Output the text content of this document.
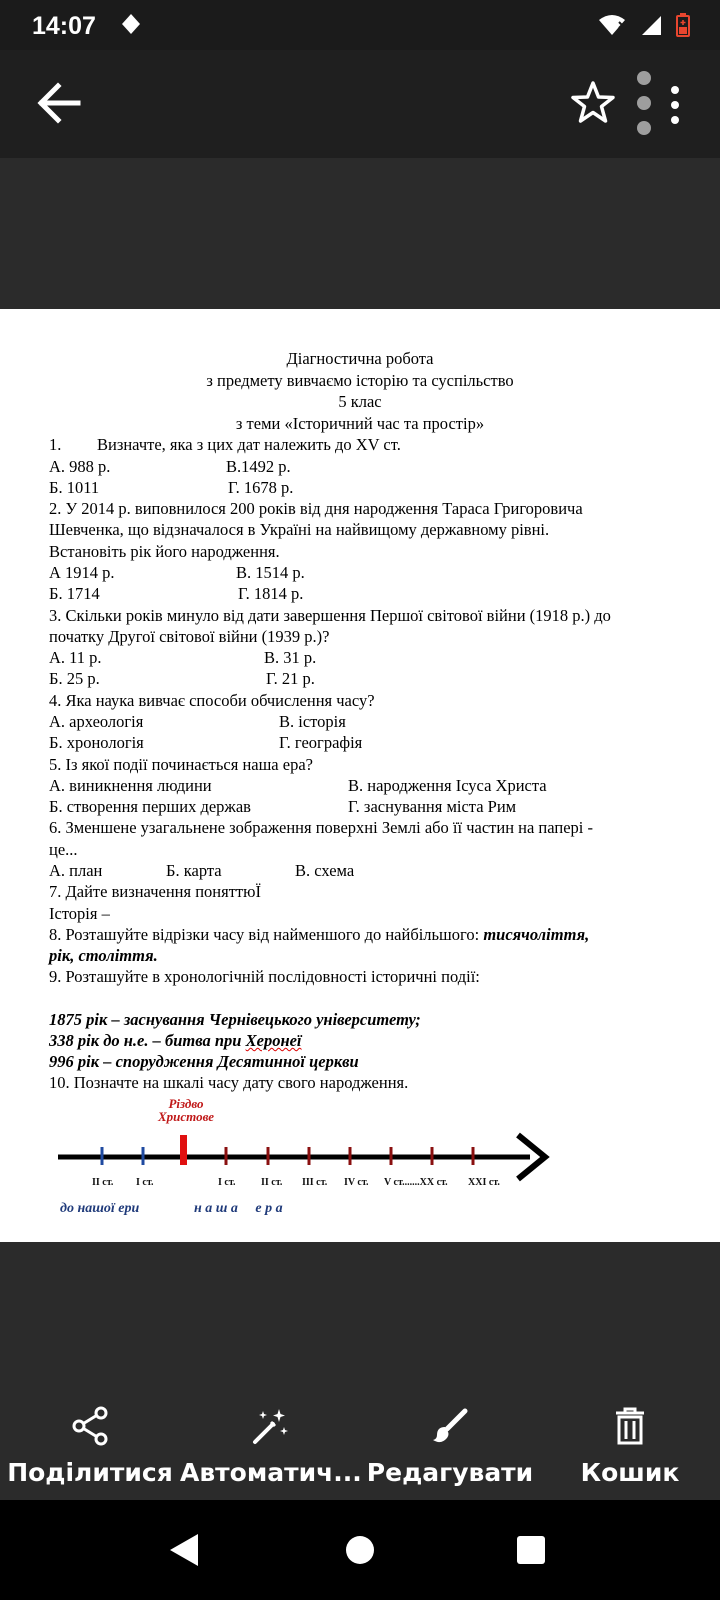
14:07
Діагностична робота
з предмету вивчаємо історію та суспільство
5 клас
з теми «Історичний час та простір»
1. Визначте, яка з цих дат належить до XV ст.
А. 988 р.	В.1492 р.
Б. 1011	Г. 1678 р.
2. У 2014 р. виповнилося 200 років від дня народження Тараса Григоровича
Шевченка, що відзначалося в Україні на найвищому державному рівні.
Встановіть рік його народження.
А 1914 р.	В. 1514 р.
Б. 1714	Г. 1814 р.
3. Скільки років минуло від дати завершення Першої світової війни (1918 р.) до
початку Другої світової війни (1939 р.)?
А. 11 р.	В. 31 р.
Б. 25 р.	Г. 21 р.
4. Яка наука вивчає способи обчислення часу?
А. археологія	В. історія
Б. хронологія	Г. географія
5. Із якої події починається наша ера?
А. виникнення людини	В. народження Ісуса Христа
Б. створення перших держав	Г. заснування міста Рим
6. Зменшене узагальнене зображення поверхні Землі або її частин на папері -
це...
А. план	Б. карта	В. схема
7. Дайте визначення поняттюЇ
Історія –
8. Розташуйте відрізки часу від найменшого до найбільшого: тисячоліття,
рік, століття.
9. Розташуйте в хронологічній послідовності історичні події:
1875 рік – заснування Чернівецького університету;
338 рік до н.е. – битва при Херонеї
996 рік – спорудження Десятинної церкви
10. Позначте на шкалі часу дату свого народження.
Різдво
Христове
II ст. I ст.	I ст.	II ст. III ст. IV ст. V ст.......XX ст. XXI ст.
до нашої ери	н а ш а     е р а
Поділитися Автоматич... Редагувати	Кошик
